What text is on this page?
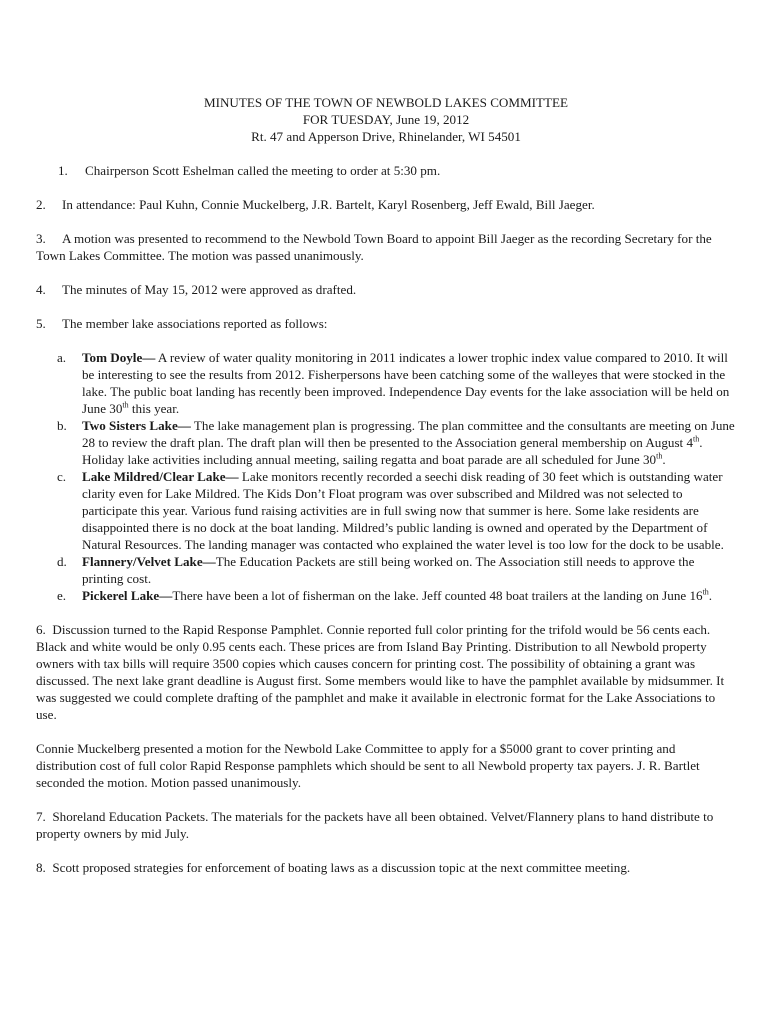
MINUTES OF THE TOWN OF NEWBOLD LAKES COMMITTEE
FOR TUESDAY, June 19, 2012
Rt. 47 and Apperson Drive, Rhinelander, WI 54501

1. Chairperson Scott Eshelman called the meeting to order at 5:30 pm.

2. In attendance: Paul Kuhn, Connie Muckelberg, J.R. Bartelt, Karyl Rosenberg, Jeff Ewald, Bill Jaeger.

3. A motion was presented to recommend to the Newbold Town Board to appoint Bill Jaeger as the recording Secretary for the Town Lakes Committee. The motion was passed unanimously.

4. The minutes of May 15, 2012 were approved as drafted.

5. The member lake associations reported as follows:

a. Tom Doyle— A review of water quality monitoring in 2011 indicates a lower trophic index value compared to 2010. It will be interesting to see the results from 2012. Fisherpersons have been catching some of the walleyes that were stocked in the lake. The public boat landing has recently been improved. Independence Day events for the lake association will be held on June 30th this year.
b. Two Sisters Lake— The lake management plan is progressing. The plan committee and the consultants are meeting on June 28 to review the draft plan. The draft plan will then be presented to the Association general membership on August 4th. Holiday lake activities including annual meeting, sailing regatta and boat parade are all scheduled for June 30th.
c. Lake Mildred/Clear Lake— Lake monitors recently recorded a seechi disk reading of 30 feet which is outstanding water clarity even for Lake Mildred. The Kids Don’t Float program was over subscribed and Mildred was not selected to participate this year. Various fund raising activities are in full swing now that summer is here. Some lake residents are disappointed there is no dock at the boat landing. Mildred’s public landing is owned and operated by the Department of Natural Resources. The landing manager was contacted who explained the water level is too low for the dock to be usable.
d. Flannery/Velvet Lake—The Education Packets are still being worked on. The Association still needs to approve the printing cost.
e. Pickerel Lake—There have been a lot of fisherman on the lake. Jeff counted 48 boat trailers at the landing on June 16th.

6. Discussion turned to the Rapid Response Pamphlet. Connie reported full color printing for the trifold would be 56 cents each. Black and white would be only 0.95 cents each. These prices are from Island Bay Printing. Distribution to all Newbold property owners with tax bills will require 3500 copies which causes concern for printing cost. The possibility of obtaining a grant was discussed. The next lake grant deadline is August first. Some members would like to have the pamphlet available by midsummer. It was suggested we could complete drafting of the pamphlet and make it available in electronic format for the Lake Associations to use.

Connie Muckelberg presented a motion for the Newbold Lake Committee to apply for a $5000 grant to cover printing and distribution cost of full color Rapid Response pamphlets which should be sent to all Newbold property tax payers. J. R. Bartlet seconded the motion. Motion passed unanimously.

7. Shoreland Education Packets. The materials for the packets have all been obtained. Velvet/Flannery plans to hand distribute to property owners by mid July.

8. Scott proposed strategies for enforcement of boating laws as a discussion topic at the next committee meeting.
